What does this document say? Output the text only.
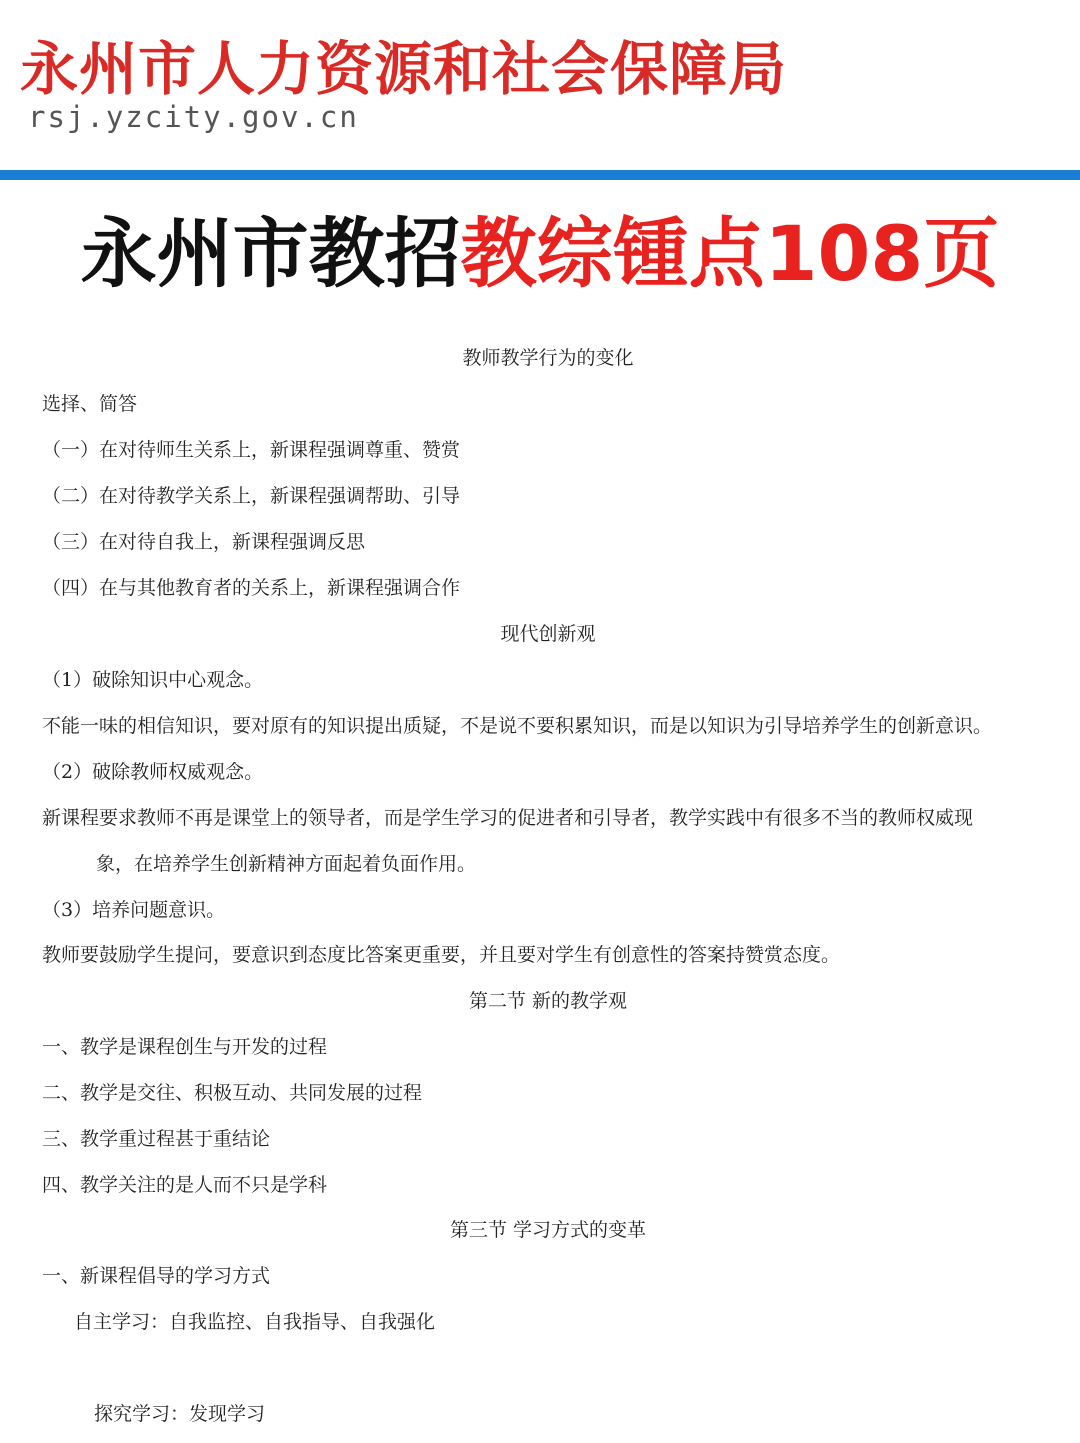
永州市人力资源和社会保障局
rsj.yzcity.gov.cn
永州市教招教综锺点108页
教师教学行为的变化
选择、简答
（一）在对待师生关系上，新课程强调尊重、赞赏
（二）在对待教学关系上，新课程强调帮助、引导
（三）在对待自我上，新课程强调反思
（四）在与其他教育者的关系上，新课程强调合作
现代创新观
（1）破除知识中心观念。
不能一味的相信知识，要对原有的知识提出质疑，不是说不要积累知识，而是以知识为引导培养学生的创新意识。
（2）破除教师权威观念。
新课程要求教师不再是课堂上的领导者，而是学生学习的促进者和引导者，教学实践中有很多不当的教师权威现
象，在培养学生创新精神方面起着负面作用。
（3）培养问题意识。
教师要鼓励学生提问，要意识到态度比答案更重要，并且要对学生有创意性的答案持赞赏态度。
第二节 新的教学观
一、教学是课程创生与开发的过程
二、教学是交往、积极互动、共同发展的过程
三、教学重过程甚于重结论
四、教学关注的是人而不只是学科
第三节 学习方式的变革
一、新课程倡导的学习方式
自主学习：自我监控、自我指导、自我强化
探究学习：发现学习
